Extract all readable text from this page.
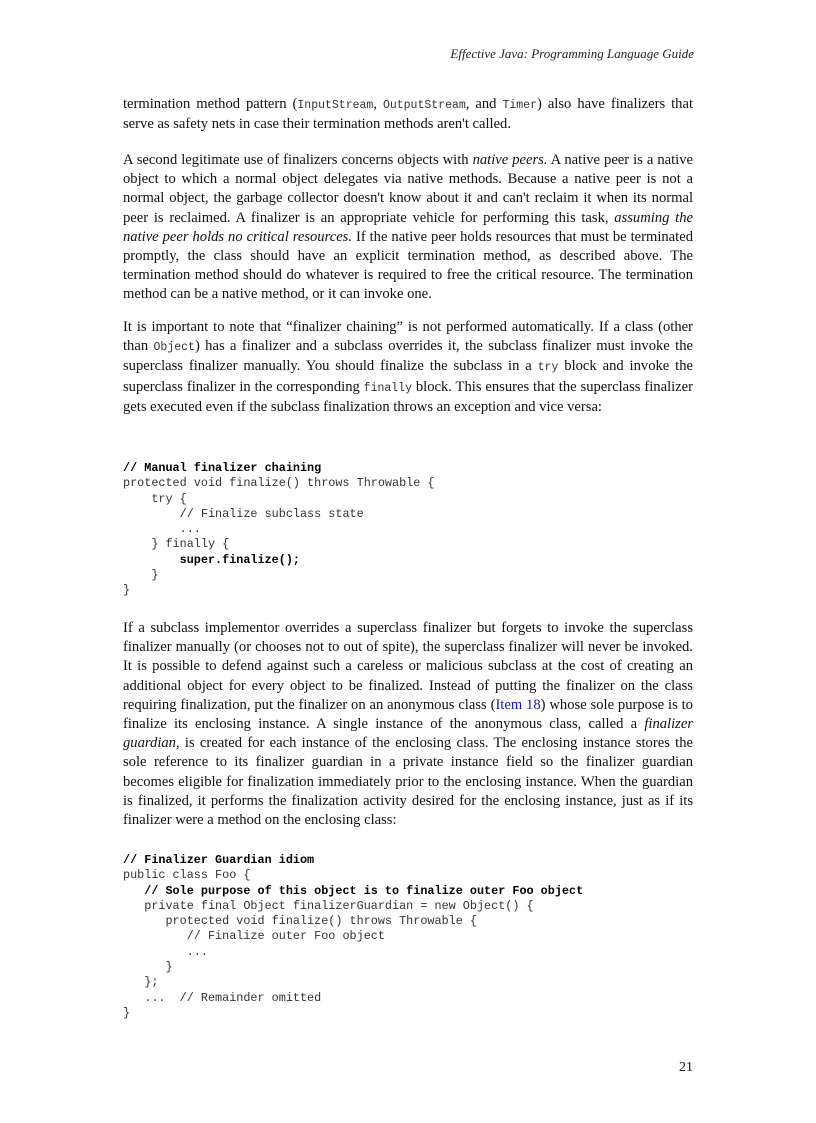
Effective Java: Programming Language Guide

termination method pattern (InputStream, OutputStream, and Timer) also have finalizers that serve as safety nets in case their termination methods aren't called.

A second legitimate use of finalizers concerns objects with native peers. A native peer is a native object to which a normal object delegates via native methods. Because a native peer is not a normal object, the garbage collector doesn't know about it and can't reclaim it when its normal peer is reclaimed. A finalizer is an appropriate vehicle for performing this task, assuming the native peer holds no critical resources. If the native peer holds resources that must be terminated promptly, the class should have an explicit termination method, as described above. The termination method should do whatever is required to free the critical resource. The termination method can be a native method, or it can invoke one.

It is important to note that “finalizer chaining” is not performed automatically. If a class (other than Object) has a finalizer and a subclass overrides it, the subclass finalizer must invoke the superclass finalizer manually. You should finalize the subclass in a try block and invoke the superclass finalizer in the corresponding finally block. This ensures that the superclass finalizer gets executed even if the subclass finalization throws an exception and vice versa:

// Manual finalizer chaining
protected void finalize() throws Throwable {
try {
// Finalize subclass state
...
} finally {
super.finalize();
}
}

If a subclass implementor overrides a superclass finalizer but forgets to invoke the superclass finalizer manually (or chooses not to out of spite), the superclass finalizer will never be invoked. It is possible to defend against such a careless or malicious subclass at the cost of creating an additional object for every object to be finalized. Instead of putting the finalizer on the class requiring finalization, put the finalizer on an anonymous class (Item 18) whose sole purpose is to finalize its enclosing instance. A single instance of the anonymous class, called a finalizer guardian, is created for each instance of the enclosing class. The enclosing instance stores the sole reference to its finalizer guardian in a private instance field so the finalizer guardian becomes eligible for finalization immediately prior to the enclosing instance. When the guardian is finalized, it performs the finalization activity desired for the enclosing instance, just as if its finalizer were a method on the enclosing class:

// Finalizer Guardian idiom
public class Foo {
// Sole purpose of this object is to finalize outer Foo object
private final Object finalizerGuardian = new Object() {
protected void finalize() throws Throwable {
// Finalize outer Foo object
...
}
};
...  // Remainder omitted
}
21
